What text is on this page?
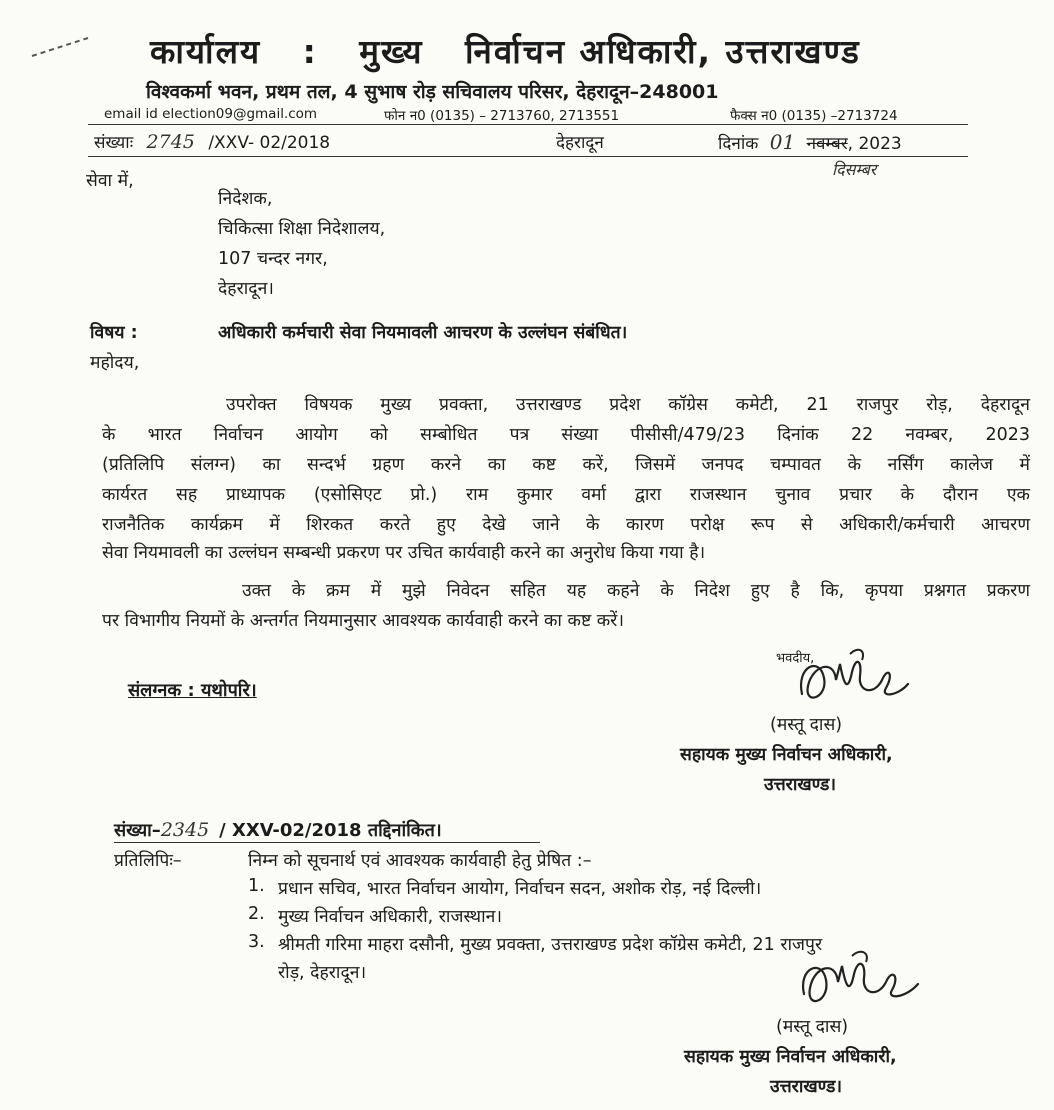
कार्यालय : मुख्य निर्वाचन अधिकारी, उत्तराखण्ड
विश्वकर्मा भवन, प्रथम तल, 4 सुभाष रोड़ सचिवालय परिसर, देहरादून–248001
email id election09@gmail.com	फोन न0 (0135) – 2713760, 2713551	फैक्स न0 (0135) –2713724
संख्याः 2745 /XXV- 02/2018	देहरादून	दिनांक 01 नवम्बर, 2023
दिसम्बर
सेवा में,
निदेशक,
चिकित्सा शिक्षा निदेशालय,
107 चन्दर नगर,
देहरादून।
विषय :	अधिकारी कर्मचारी सेवा नियमावली आचरण के उल्लंघन संबंधित।
महोदय,
उपरोक्त विषयक मुख्य प्रवक्ता, उत्तराखण्ड प्रदेश कॉग्रेस कमेटी, 21 राजपुर रोड़, देहरादून
के भारत निर्वाचन आयोग को सम्बोधित पत्र संख्या पीसीसी/479/23 दिनांक 22 नवम्बर, 2023
(प्रतिलिपि संलग्न) का सन्दर्भ ग्रहण करने का कष्ट करें, जिसमें जनपद चम्पावत के नर्सिंग कालेज में
कार्यरत सह प्राध्यापक (एसोसिएट प्रो.) राम कुमार वर्मा द्वारा राजस्थान चुनाव प्रचार के दौरान एक
राजनैतिक कार्यक्रम में शिरकत करते हुए देखे जाने के कारण परोक्ष रूप से अधिकारी/कर्मचारी आचरण
सेवा नियमावली का उल्लंघन सम्बन्धी प्रकरण पर उचित कार्यवाही करने का अनुरोध किया गया है।
उक्त के क्रम में मुझे निवेदन सहित यह कहने के निदेश हुए है कि, कृपया प्रश्नगत प्रकरण
पर विभागीय नियमों के अन्तर्गत नियमानुसार आवश्यक कार्यवाही करने का कष्ट करें।
भवदीय,
संलग्नक : यथोपरि।
(मस्तू दास)
सहायक मुख्य निर्वाचन अधिकारी,
उत्तराखण्ड।
संख्या–2345 / XXV-02/2018 तद्दिनांकित।
प्रतिलिपिः–	निम्न को सूचनार्थ एवं आवश्यक कार्यवाही हेतु प्रेषित :–
1. प्रधान सचिव, भारत निर्वाचन आयोग, निर्वाचन सदन, अशोक रोड़, नई दिल्ली।
2. मुख्य निर्वाचन अधिकारी, राजस्थान।
3. श्रीमती गरिमा माहरा दसौनी, मुख्य प्रवक्ता, उत्तराखण्ड प्रदेश कॉग्रेस कमेटी, 21 राजपुर
रोड़, देहरादून।
(मस्तू दास)
सहायक मुख्य निर्वाचन अधिकारी,
उत्तराखण्ड।
